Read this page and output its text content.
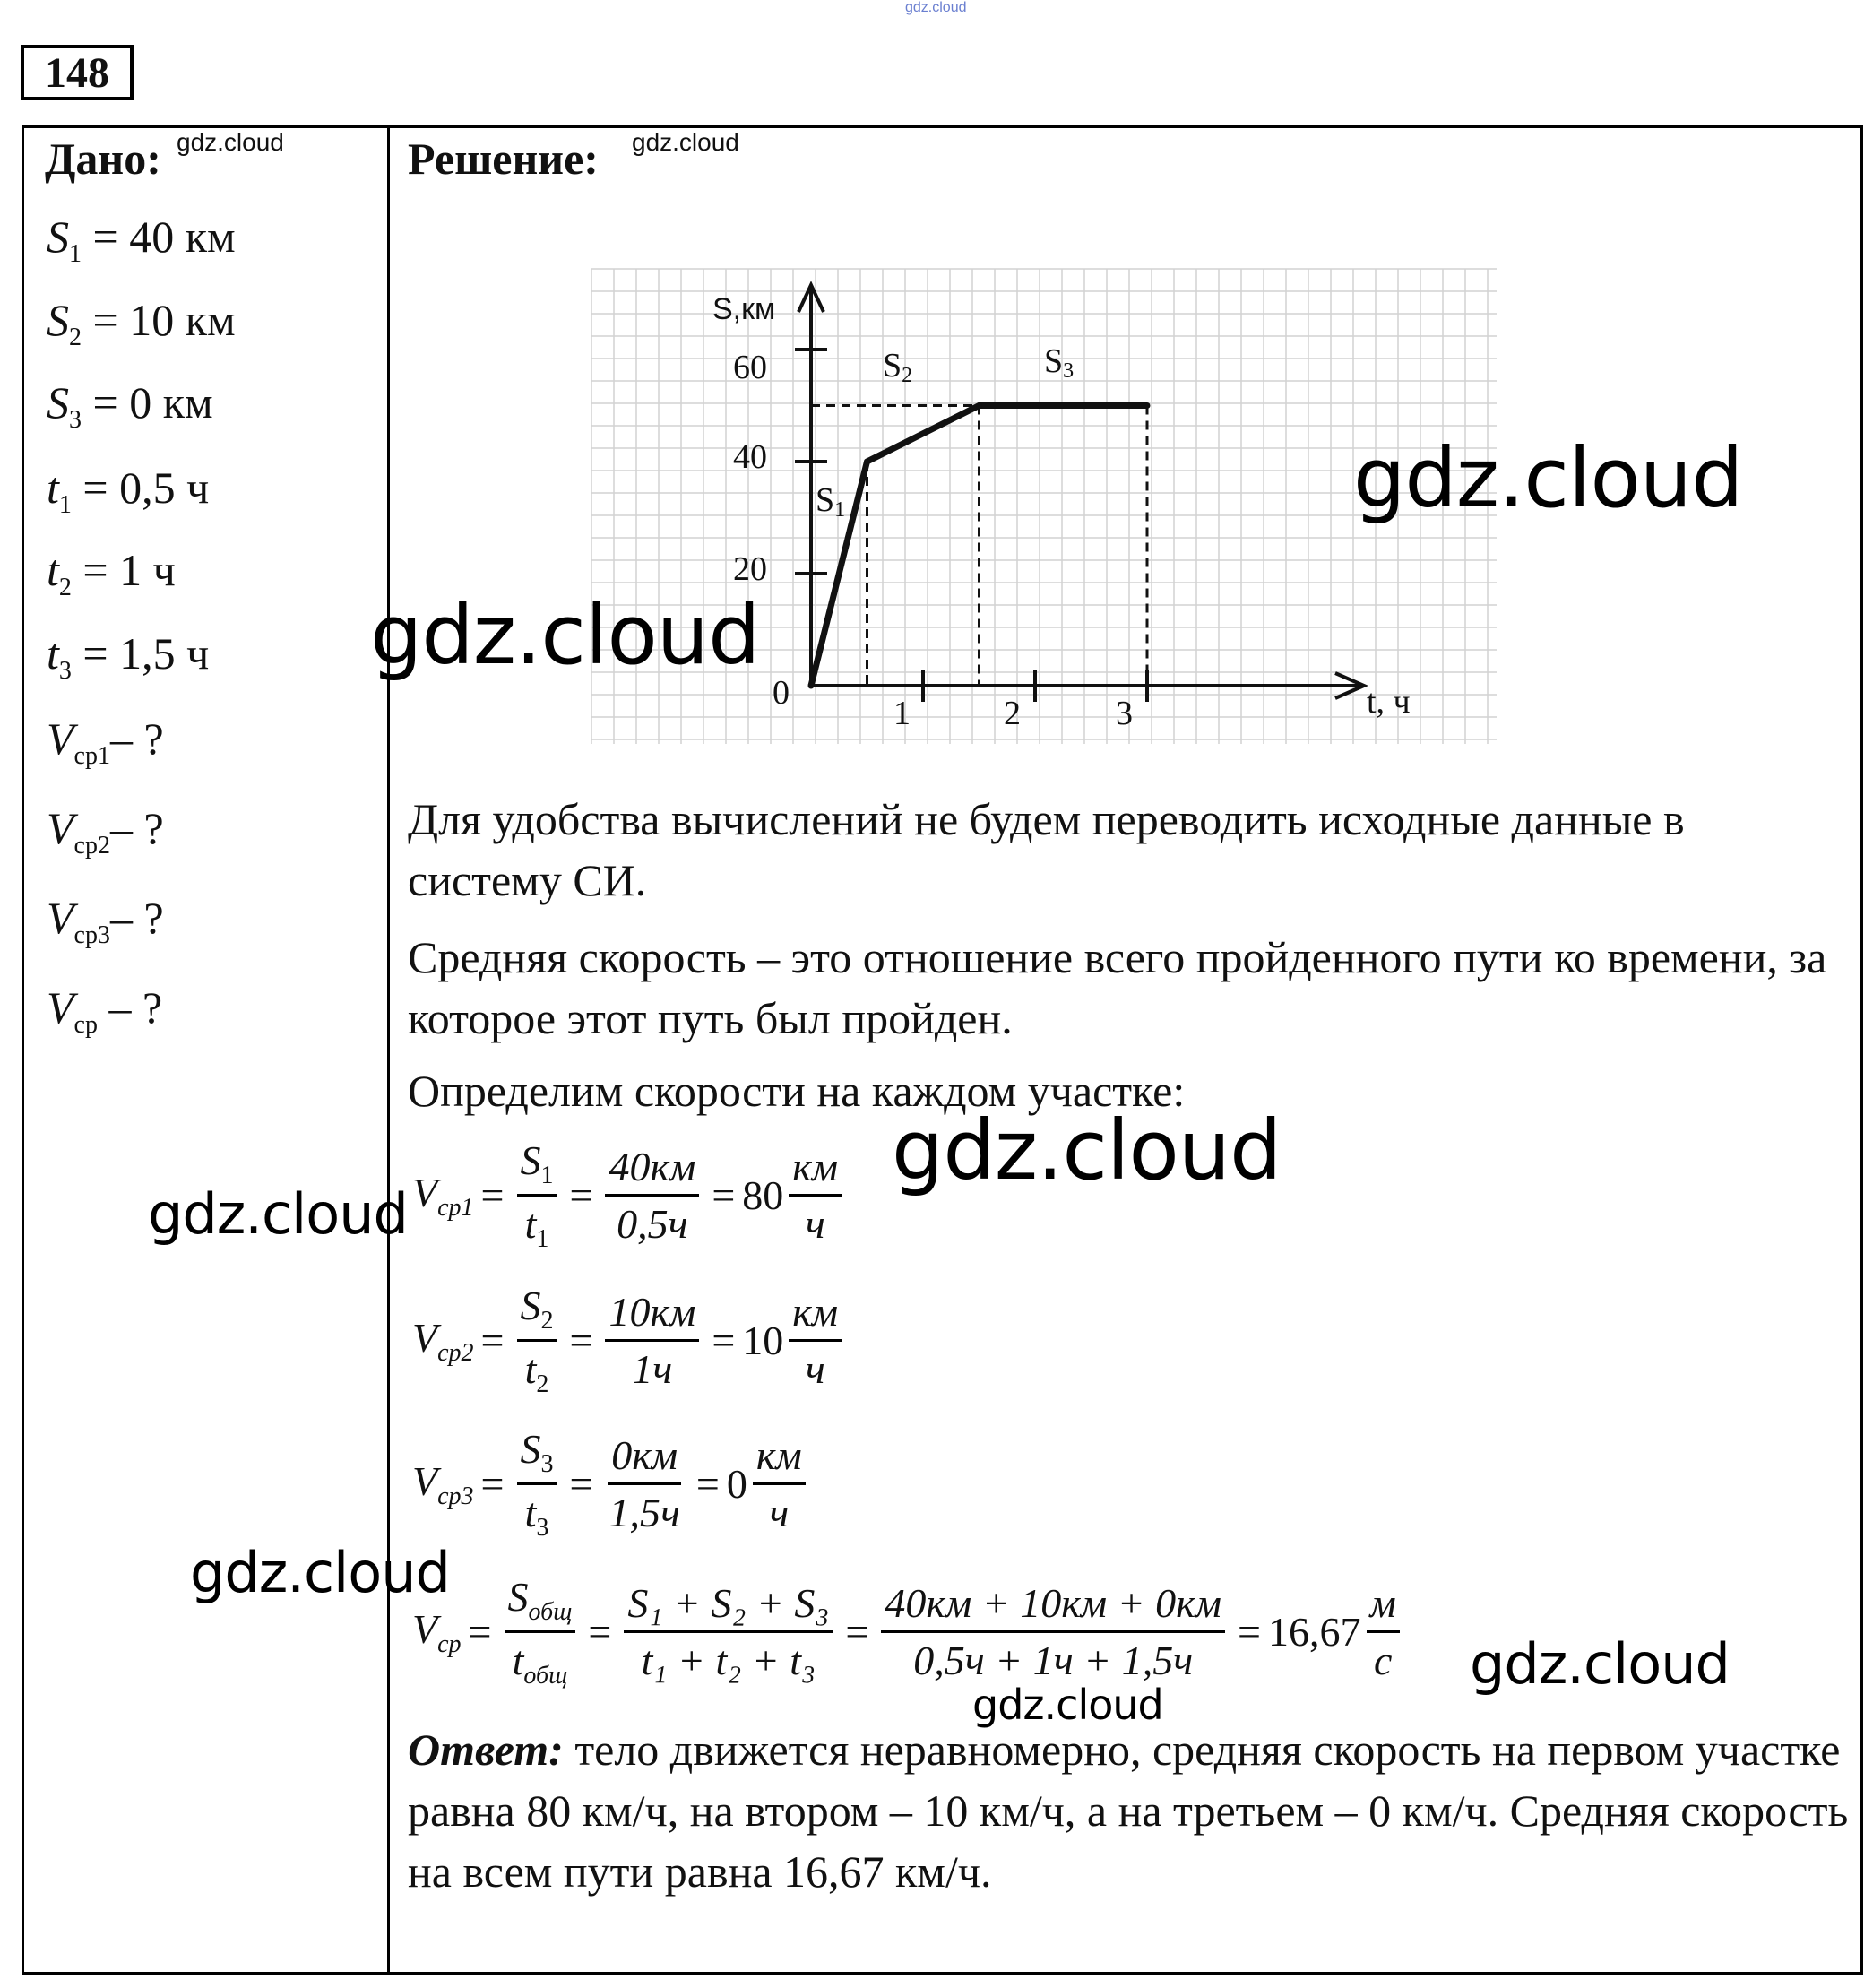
gdz.cloud
148
Дано: gdz.cloud	Решение: gdz.cloud
$S_1 = 40$ км
$S_2 = 10$ км
$S_3 = 0$ км
$t_1 = 0,5$ ч
$t_2 = 1$ ч
$t_3 = 1,5$ ч
$V_{ср1}-$ ?
$V_{ср2}-$ ?
$V_{ср3}-$ ?
$V_{ср}$ – ?
S,км
t, ч
0
1	2	3
20
40
60
S1
S2	S3
Для удобства вычислений не будем переводить исходные данные в систему СИ.
Средняя скорость – это отношение всего пройденного пути ко времени, за которое этот путь был пройден.
Определим скорости на каждом участке:
$V_{ср1} = \frac{S_1}{t_1} = \frac{40км}{0,5ч} = 80 \frac{км}{ч}$
$V_{ср2} = \frac{S_2}{t_2} = \frac{10км}{1ч} = 10 \frac{км}{ч}$
$V_{ср3} = \frac{S_3}{t_3} = \frac{0км}{1,5ч} = 0 \frac{км}{ч}$
$V_{ср} = \frac{S_{общ}}{t_{общ}} = \frac{\text{S₁ + S₂ + S₃}}{\text{t₁ + t₂ + t₃}} = \frac{40км + 10км + 0км}{0,5ч + 1ч + 1,5ч} = 16,67 \frac{м}{с}$
Ответ: тело движется неравномерно, средняя скорость на первом участке равна 80 км/ч, на втором – 10 км/ч, а на третьем – 0 км/ч. Средняя скорость на всем пути равна 16,67 км/ч.
gdz.cloud
gdz.cloud
gdz.cloud
gdz.cloud
gdz.cloud
gdz.cloud
gdz.cloud
